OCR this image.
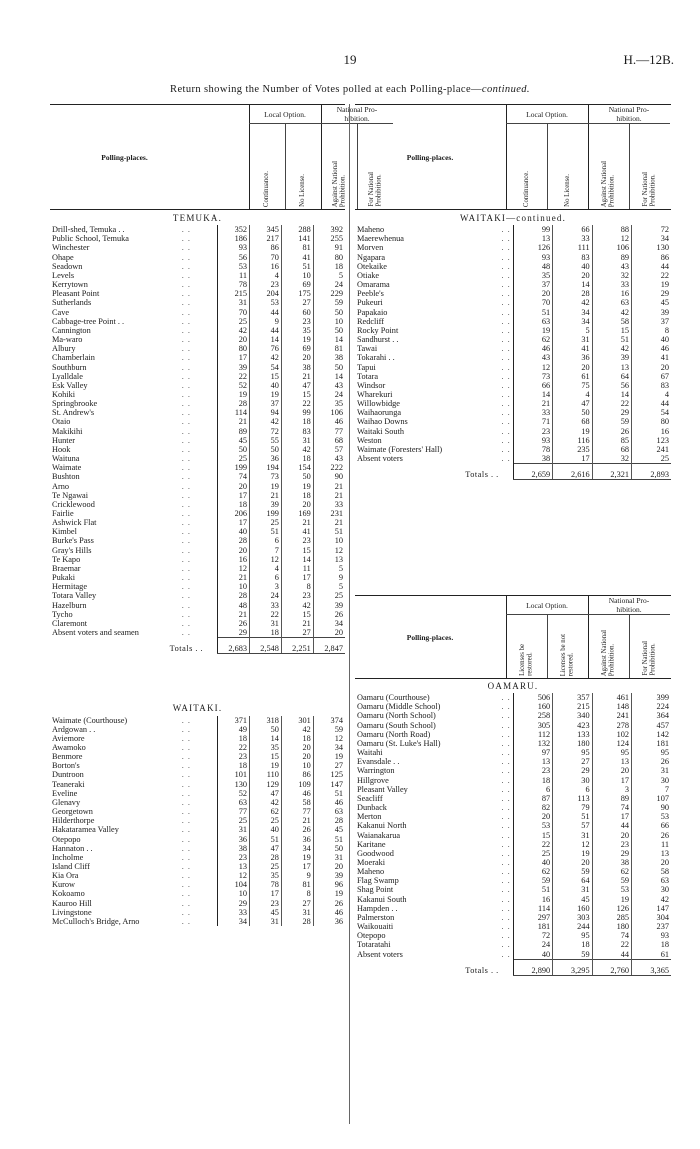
19	H.—12B.
Return showing the Number of Votes polled at each Polling-place—continued.
Polling-places.
Local Option.	National Pro-
hibition.
Continuance.	No License.	Against National
Prohibition.	For National
Prohibition.
Polling-places.
Local Option.	National Pro-
hibition.
Continuance.	No License.	Against National
Prohibition.	For National
Prohibition.
Polling-places.
Local Option.	National Pro-
hibition.
Licenses be
restored.	Licenses be not
restored.	Against National
Prohibition.	For National
Prohibition.
TEMUKA.					
Drill-shed, Temuka . .	. .	352	345	288	392
Public School, Temuka	. .	186	217	141	255
Winchester	. .	93	86	81	91
Ohape	. .	56	70	41	80
Seadown	. .	53	16	51	18
Levels	. .	11	4	10	5
Kerrytown	. .	78	23	69	24
Pleasant Point	. .	215	204	175	229
Sutherlands	. .	31	53	27	59
Cave	. .	70	44	60	50
Cabbage-tree Point . .	. .	25	9	23	10
Cannington	. .	42	44	35	50
Ma-waro	. .	20	14	19	14
Albury	. .	80	76	69	81
Chamberlain	. .	17	42	20	38
Southburn	. .	39	54	38	50
Lyalldale	. .	22	15	21	14
Esk Valley	. .	52	40	47	43
Kohiki	. .	19	19	15	24
Springbrooke	. .	28	37	22	35
St. Andrew's	. .	114	94	99	106
Otaio	. .	21	42	18	46
Makikihi	. .	89	72	83	77
Hunter	. .	45	55	31	68
Hook	. .	50	50	42	57
Waituna	. .	25	36	18	43
Waimate	. .	199	194	154	222
Bushton	. .	74	73	50	90
Arno	. .	20	19	19	21
Te Ngawai	. .	17	21	18	21
Cricklewood	. .	18	39	20	33
Fairlie	. .	206	199	169	231
Ashwick Flat	. .	17	25	21	21
Kimbel	. .	40	51	41	51
Burke's Pass	. .	28	6	23	10
Gray's Hills	. .	20	7	15	12
Te Kapo	. .	16	12	14	13
Braemar	. .	12	4	11	5
Pukaki	. .	21	6	17	9
Hermitage	. .	10	3	8	5
Totara Valley	. .	28	24	23	25
Hazelburn	. .	48	33	42	39
Tycho	. .	21	22	15	26
Claremont	. .	26	31	21	34
Absent voters and seamen	. .	29	18	27	20
Totals . .		2,683	2,548	2,251	2,847

WAITAKI.					
Waimate (Courthouse)	. .	371	318	301	374
Ardgowan . .	. .	49	50	42	59
Aviemore	. .	18	14	18	12
Awamoko	. .	22	35	20	34
Benmore	. .	23	15	20	19
Borton's	. .	18	19	10	27
Duntroon	. .	101	110	86	125
Teaneraki	. .	130	129	109	147
Eveline	. .	52	47	46	51
Glenavy	. .	63	42	58	46
Georgetown	. .	77	62	77	63
Hilderthorpe	. .	25	25	21	28
Hakataramea Valley	. .	31	40	26	45
Otepopo	. .	36	51	36	51
Hannaton . .	. .	38	47	34	50
Incholme	. .	23	28	19	31
Island Cliff	. .	13	25	17	20
Kia Ora	. .	12	35	9	39
Kurow	. .	104	78	81	96
Kokoamo	. .	10	17	8	19
Kauroo Hill	. .	29	23	27	26
Livingstone	. .	33	45	31	46
McCulloch's Bridge, Arno	. .	34	31	28	36
WAITAKI—continued.					
Maheno	. .	99	66	88	72
Maerewhenua	. .	13	33	12	34
Morven	. .	126	111	106	130
Ngapara	. .	93	83	89	86
Otekaike	. .	48	40	43	44
Otiake	. .	35	20	32	22
Omarama	. .	37	14	33	19
Peeble's	. .	20	28	16	29
Pukeuri	. .	70	42	63	45
Papakaio	. .	51	34	42	39
Redcliff	. .	63	34	58	37
Rocky Point	. .	19	5	15	8
Sandhurst . .	. .	62	31	51	40
Tawai	. .	46	41	42	46
Tokarahi . .	. .	43	36	39	41
Tapui	. .	12	20	13	20
Totara	. .	73	61	64	67
Windsor	. .	66	75	56	83
Wharekuri	. .	14	4	14	4
Willowbidge	. .	21	47	22	44
Waihaorunga	. .	33	50	29	54
Waihao Downs	. .	71	68	59	80
Waitaki South	. .	23	19	26	16
Weston	. .	93	116	85	123
Waimate (Foresters' Hall)	. .	78	235	68	241
Absent voters	. .	38	17	32	25
Totals . .		2,659	2,616	2,321	2,893
OAMARU.					
Oamaru (Courthouse)	. .	506	357	461	399
Oamaru (Middle School)	. .	160	215	148	224
Oamaru (North School)	. .	258	340	241	364
Oamaru (South School)	. .	305	423	278	457
Oamaru (North Road)	. .	112	133	102	142
Oamaru (St. Luke's Hall)	. .	132	180	124	181
Waitahi	. .	97	95	95	95
Evansdale . .	. .	13	27	13	26
Warrington	. .	23	29	20	31
Hillgrove	. .	18	30	17	30
Pleasant Valley	. .	6	6	3	7
Seacliff	. .	87	113	89	107
Dunback	. .	82	79	74	90
Merton	. .	20	51	17	53
Kakanui North	. .	53	57	44	66
Waianakarua	. .	15	31	20	26
Karitane	. .	22	12	23	11
Goodwood	. .	25	19	29	13
Moeraki	. .	40	20	38	20
Maheno	. .	62	59	62	58
Flag Swamp	. .	59	64	59	63
Shag Point	. .	51	31	53	30
Kakanui South	. .	16	45	19	42
Hampden . .	. .	114	160	126	147
Palmerston	. .	297	303	285	304
Waikouaiti	. .	181	244	180	237
Otepopo	. .	72	95	74	93
Totaratahi	. .	24	18	22	18
Absent voters	. .	40	59	44	61
Totals . .		2,890	3,295	2,760	3,365
